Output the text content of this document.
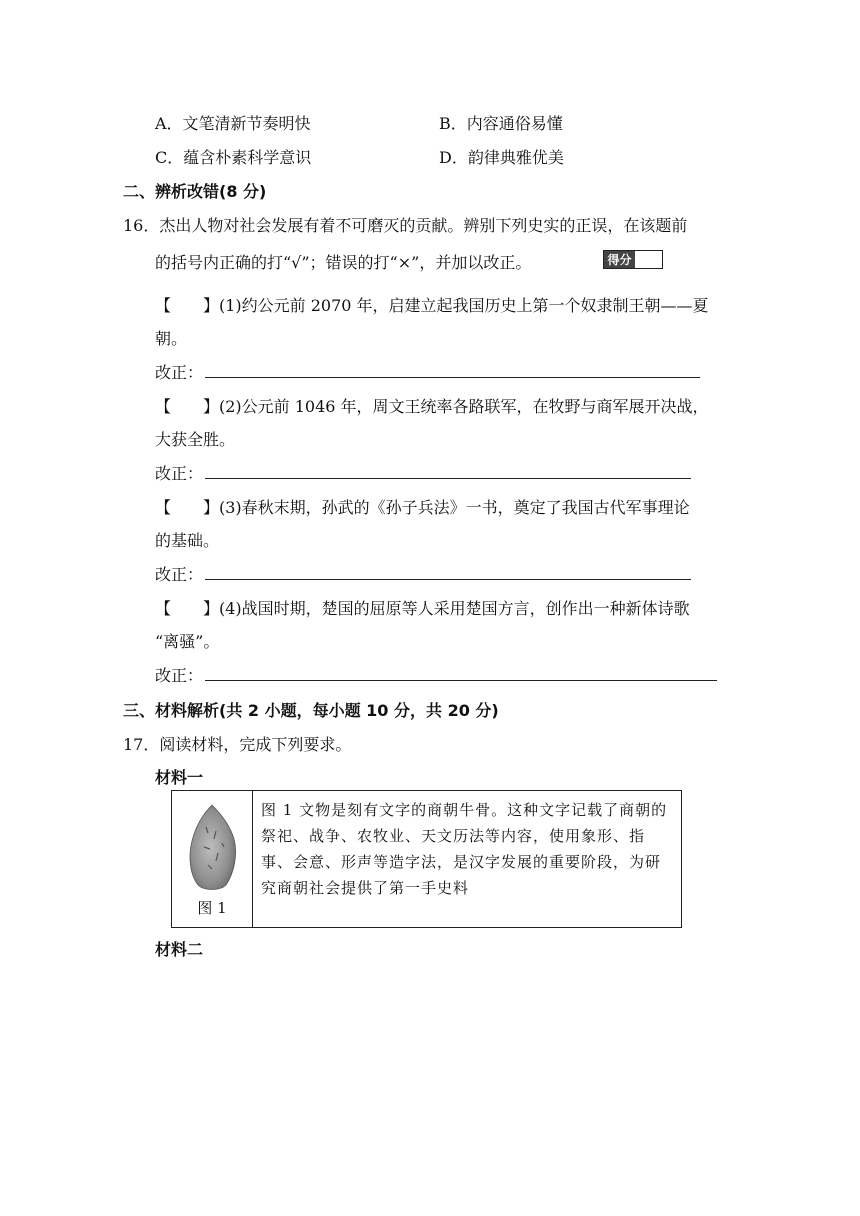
A．文笔清新节奏明快	B．内容通俗易懂
C．蕴含朴素科学意识	D．韵律典雅优美
二、辨析改错(8 分)
16．杰出人物对社会发展有着不可磨灭的贡献。辨别下列史实的正误，在该题前
的括号内正确的打“√”；错误的打“×”，并加以改正。	得分
【　　】(1)约公元前 2070 年，启建立起我国历史上第一个奴隶制王朝——夏
朝。
改正：
【　　】(2)公元前 1046 年，周文王统率各路联军，在牧野与商军展开决战，
大获全胜。
改正：
【　　】(3)春秋末期，孙武的《孙子兵法》一书，奠定了我国古代军事理论
的基础。
改正：
【　　】(4)战国时期，楚国的屈原等人采用楚国方言，创作出一种新体诗歌
“离骚”。
改正：
三、材料解析(共 2 小题，每小题 10 分，共 20 分)
17．阅读材料，完成下列要求。
材料一
图 1
图 1 文物是刻有文字的商朝牛骨。这种文字记载了商朝的祭祀、战争、农牧业、天文历法等内容，使用象形、指事、会意、形声等造字法，是汉字发展的重要阶段，为研究商朝社会提供了第一手史料
材料二
